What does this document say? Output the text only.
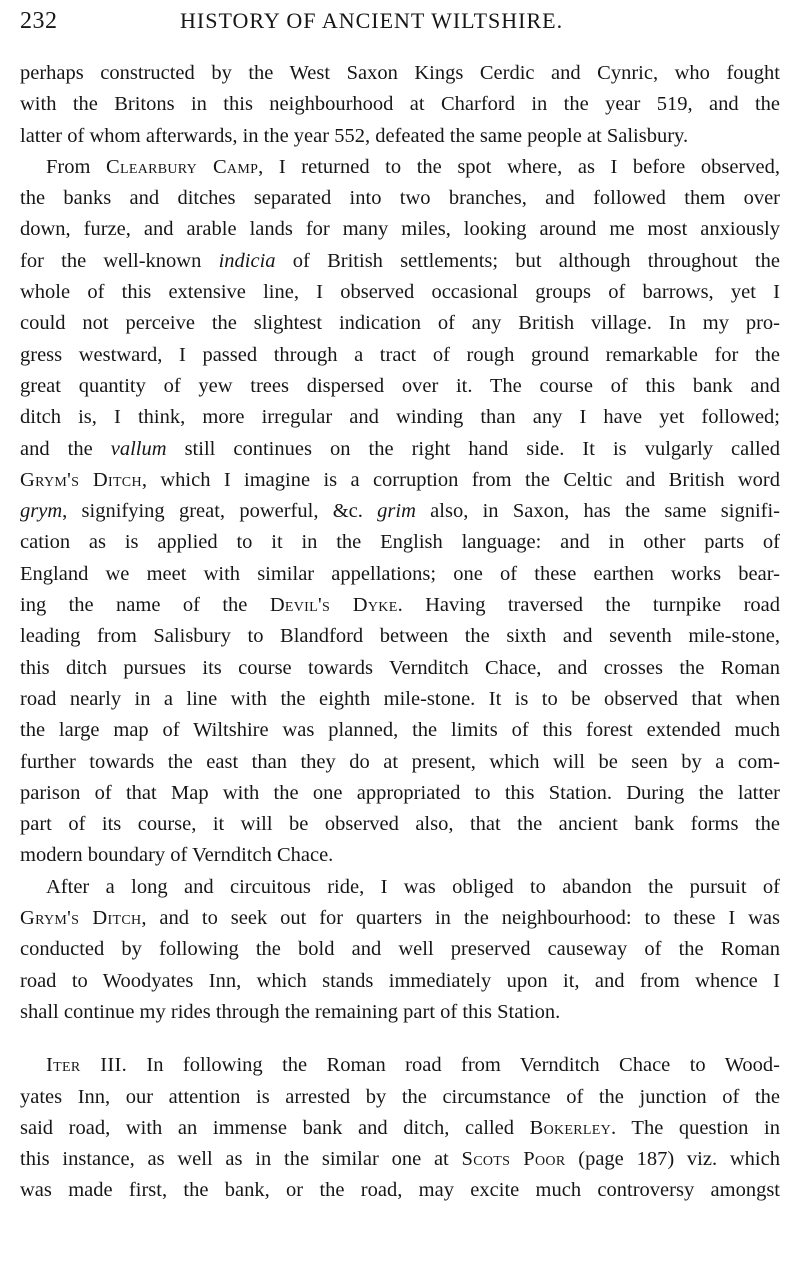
232	HISTORY OF ANCIENT WILTSHIRE.
perhaps constructed by the West Saxon Kings Cerdic and Cynric, who fought
with the Britons in this neighbourhood at Charford in the year 519, and the
latter of whom afterwards, in the year 552, defeated the same people at Salisbury.
From Clearbury Camp, I returned to the spot where, as I before observed,
the banks and ditches separated into two branches, and followed them over
down, furze, and arable lands for many miles, looking around me most anxiously
for the well-known indicia of British settlements; but although throughout the
whole of this extensive line, I observed occasional groups of barrows, yet I
could not perceive the slightest indication of any British village. In my pro-
gress westward, I passed through a tract of rough ground remarkable for the
great quantity of yew trees dispersed over it. The course of this bank and
ditch is, I think, more irregular and winding than any I have yet followed;
and the vallum still continues on the right hand side. It is vulgarly called
Grym's Ditch, which I imagine is a corruption from the Celtic and British word
grym, signifying great, powerful, &c. grim also, in Saxon, has the same signifi-
cation as is applied to it in the English language: and in other parts of
England we meet with similar appellations; one of these earthen works bear-
ing the name of the Devil's Dyke. Having traversed the turnpike road
leading from Salisbury to Blandford between the sixth and seventh mile-stone,
this ditch pursues its course towards Vernditch Chace, and crosses the Roman
road nearly in a line with the eighth mile-stone. It is to be observed that when
the large map of Wiltshire was planned, the limits of this forest extended much
further towards the east than they do at present, which will be seen by a com-
parison of that Map with the one appropriated to this Station. During the latter
part of its course, it will be observed also, that the ancient bank forms the
modern boundary of Vernditch Chace.
After a long and circuitous ride, I was obliged to abandon the pursuit of
Grym's Ditch, and to seek out for quarters in the neighbourhood: to these I was
conducted by following the bold and well preserved causeway of the Roman
road to Woodyates Inn, which stands immediately upon it, and from whence I
shall continue my rides through the remaining part of this Station.
Iter III. In following the Roman road from Vernditch Chace to Wood-
yates Inn, our attention is arrested by the circumstance of the junction of the
said road, with an immense bank and ditch, called Bokerley. The question in
this instance, as well as in the similar one at Scots Poor (page 187) viz. which
was made first, the bank, or the road, may excite much controversy amongst
